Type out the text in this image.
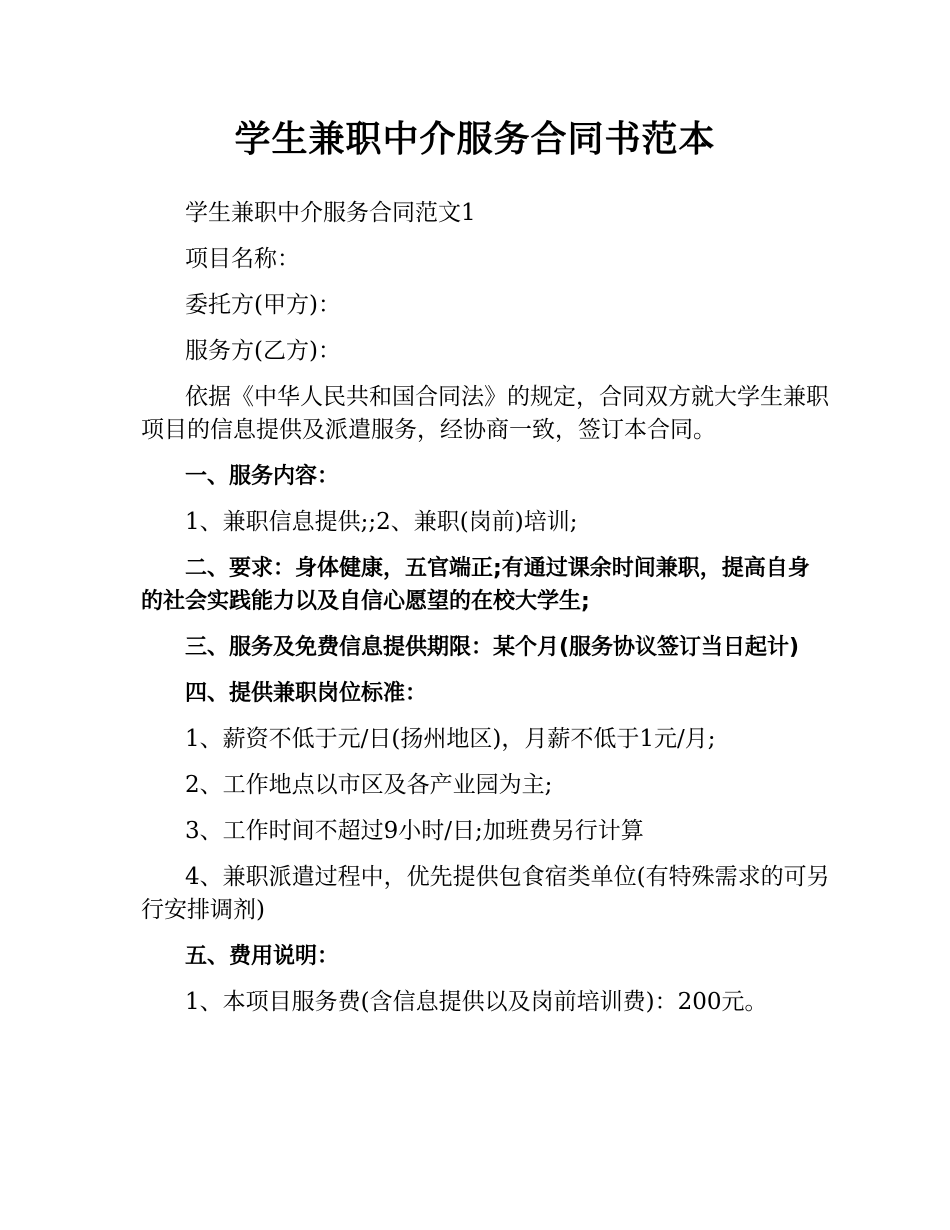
学生兼职中介服务合同书范本

学生兼职中介服务合同范文1

项目名称：

委托方(甲方)：

服务方(乙方)：

依据《中华人民共和国合同法》的规定，合同双方就大学生兼职项目的信息提供及派遣服务，经协商一致，签订本合同。

一、服务内容：

1、兼职信息提供;;2、兼职(岗前)培训;

二、要求：身体健康，五官端正;有通过课余时间兼职，提高自身的社会实践能力以及自信心愿望的在校大学生;

三、服务及免费信息提供期限：某个月(服务协议签订当日起计)

四、提供兼职岗位标准：

1、薪资不低于元/日(扬州地区)，月薪不低于1元/月;

2、工作地点以市区及各产业园为主;

3、工作时间不超过9小时/日;加班费另行计算

4、兼职派遣过程中，优先提供包食宿类单位(有特殊需求的可另行安排调剂)

五、费用说明：

1、本项目服务费(含信息提供以及岗前培训费)：200元。
